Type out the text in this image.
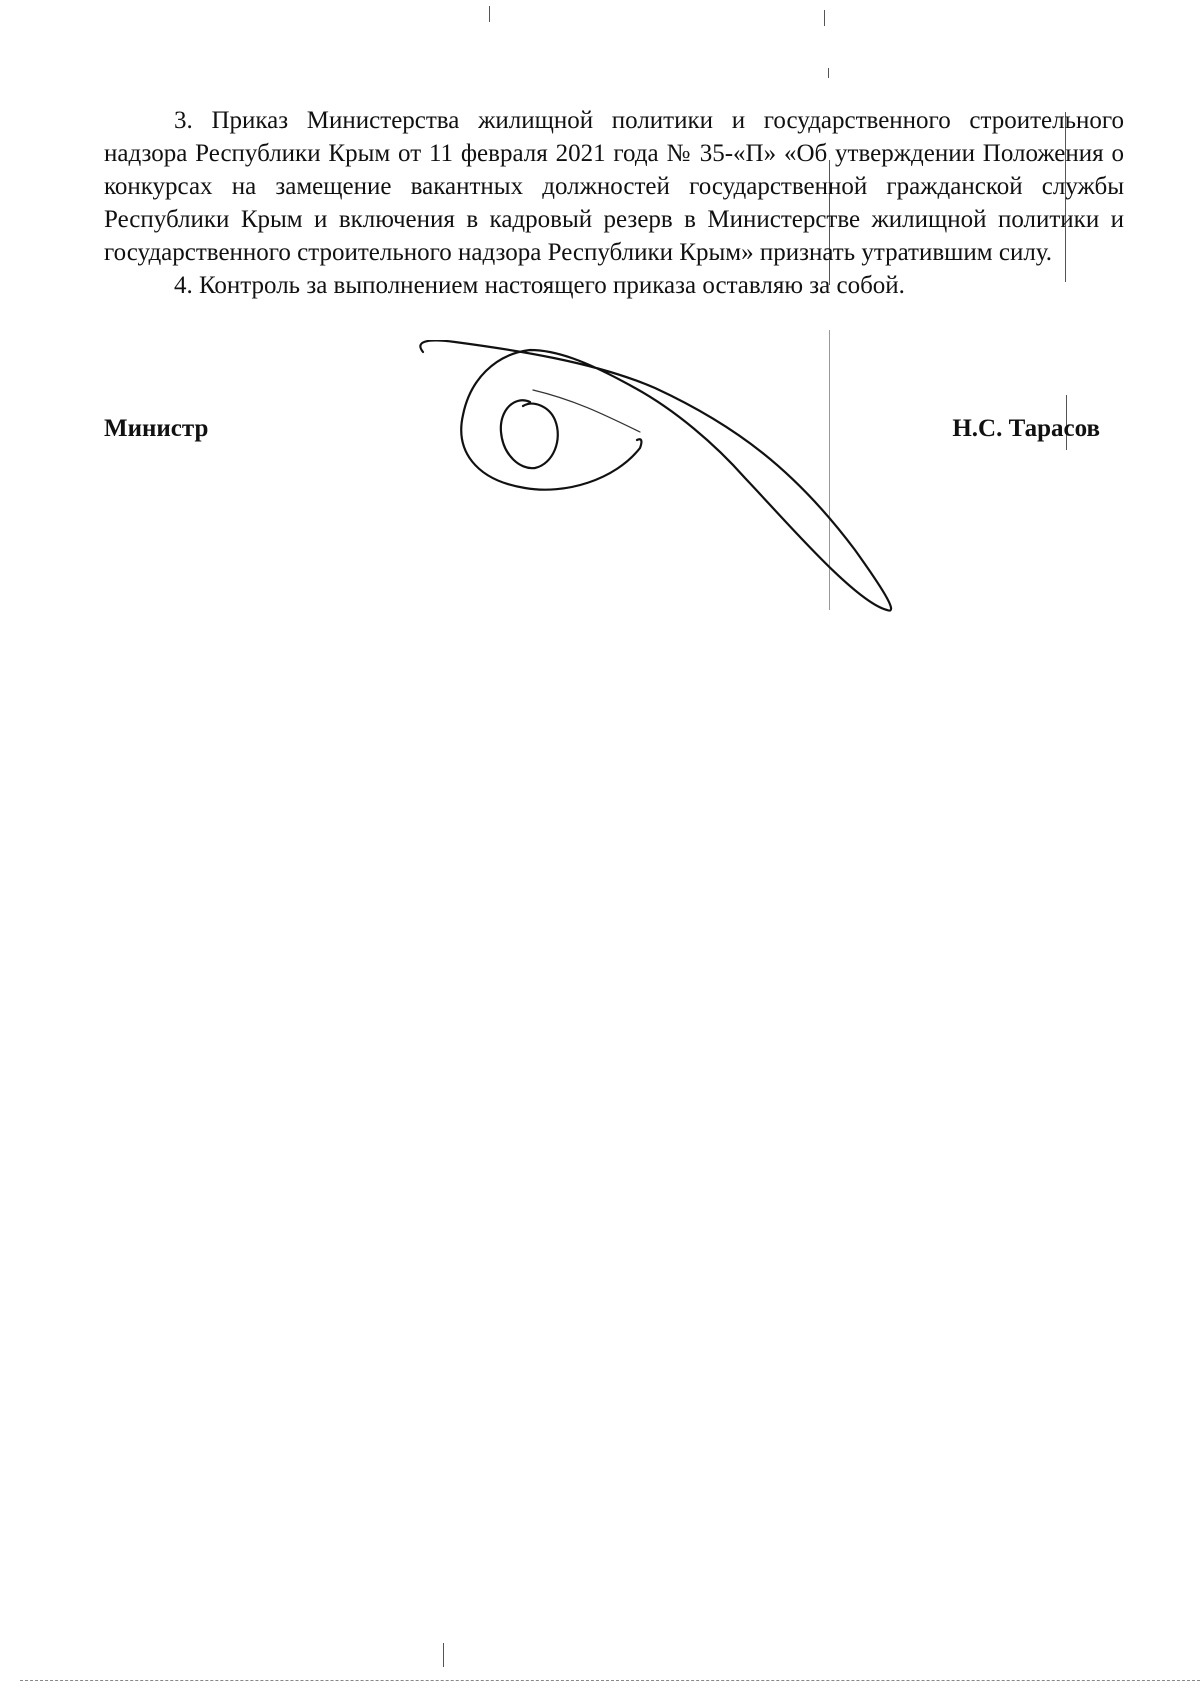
3. Приказ Министерства жилищной политики и государственного строительного надзора Республики Крым от 11 февраля 2021 года № 35-«П» «Об утверждении Положения о конкурсах на замещение вакантных должностей государственной гражданской службы Республики Крым и включения в кадровый резерв в Министерстве жилищной политики и государственного строительного надзора Республики Крым» признать утратившим силу.

4. Контроль за выполнением настоящего приказа оставляю за собой.

Министр	Н.С. Тарасов
